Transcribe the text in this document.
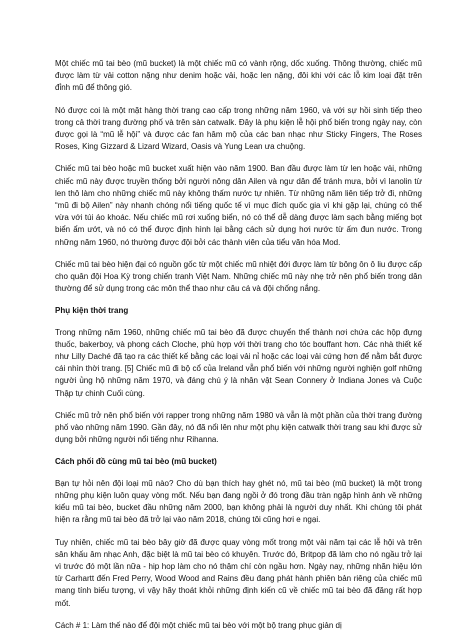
Một chiếc mũ tai bèo (mũ bucket) là một chiếc mũ có vành rộng, dốc xuống. Thông thường, chiếc mũ được làm từ vải cotton nặng như denim hoặc vải, hoặc len nặng, đôi khi với các lỗ kim loại đặt trên đỉnh mũ để thông gió.

Nó được coi là một mặt hàng thời trang cao cấp trong những năm 1960, và với sự hồi sinh tiếp theo trong cả thời trang đường phố và trên sàn catwalk. Đây là phụ kiện lễ hội phổ biến trong ngày nay, còn được gọi là “mũ lễ hội” và được các fan hâm mộ của các ban nhạc như Sticky Fingers, The Roses Roses, King Gizzard & Lizard Wizard, Oasis và Yung Lean ưa chuộng.

Chiếc mũ tai bèo hoặc mũ bucket xuất hiện vào năm 1900. Ban đầu được làm từ len hoặc vải, những chiếc mũ này được truyền thống bởi người nông dân Ailen và ngư dân để tránh mưa, bởi vì lanolin từ len thô làm cho những chiếc mũ này không thấm nước tự nhiên. Từ những năm liên tiếp trở đi, những “mũ đi bộ Ailen” này nhanh chóng nổi tiếng quốc tế vì mục đích quốc gia vì khi gặp lại, chúng có thể vừa với túi áo khoác. Nếu chiếc mũ rơi xuống biển, nó có thể dễ dàng được làm sạch bằng miếng bọt biển ẩm ướt, và nó có thể được định hình lại bằng cách sử dụng hơi nước từ ấm đun nước. Trong những năm 1960, nó thường được đội bởi các thành viên của tiểu văn hóa Mod.

Chiếc mũ tai bèo hiện đại có nguồn gốc từ một chiếc mũ nhiệt đới được làm từ bông ôn ô liu được cấp cho quân đội Hoa Kỳ trong chiến tranh Việt Nam. Những chiếc mũ này nhẹ trở nên phổ biến trong dân thường để sử dụng trong các môn thể thao như câu cá và đội chống nắng.

Phụ kiện thời trang

Trong những năm 1960, những chiếc mũ tai bèo đã được chuyển thể thành nơi chứa các hộp đựng thuốc, bakerboy, và phong cách Cloche, phù hợp với thời trang cho tóc bouffant hơn. Các nhà thiết kế như Lilly Daché đã tạo ra các thiết kế bằng các loại vải nỉ hoặc các loại vải cứng hơn để nằm bắt được cái nhìn thời trang. [5] Chiếc mũ đi bộ cổ của Ireland vẫn phổ biến với những người nghiện golf những người ủng hộ những năm 1970, và đáng chú ý là nhân vật Sean Connery ở Indiana Jones và Cuộc Thập tự chinh Cuối cùng.

Chiếc mũ trở nên phổ biến với rapper trong những năm 1980 và vẫn là một phần của thời trang đường phố vào những năm 1990. Gần đây, nó đã nổi lên như một phụ kiện catwalk thời trang sau khi được sử dụng bởi những người nổi tiếng như Rihanna.

Cách phối đồ cùng mũ tai bèo (mũ bucket)

Bạn tự hỏi nên đội loại mũ nào? Cho dù bạn thích hay ghét nó, mũ tai bèo (mũ bucket) là một trong những phụ kiện luôn quay vòng mốt. Nếu bạn đang ngồi ở đó trong đầu tràn ngập hình ảnh về những kiểu mũ tai bèo, bucket đầu những năm 2000, bạn không phải là người duy nhất. Khi chúng tôi phát hiện ra rằng mũ tai bèo đã trở lại vào năm 2018, chúng tôi cũng hơi e ngại.

Tuy nhiên, chiếc mũ tai bèo bây giờ đã được quay vòng mốt trong một vài năm tại các lễ hội và trên sân khấu âm nhạc Anh, đặc biệt là mũ tai bèo có khuyên. Trước đó, Britpop đã làm cho nó ngầu trở lại vì trước đó một lần nữa - hip hop làm cho nó thậm chí còn ngầu hơn. Ngày nay, những nhãn hiệu lớn từ Carhartt đến Fred Perry, Wood Wood and Rains đều đang phát hành phiên bản riêng của chiếc mũ mang tính biểu tượng, vì vậy hãy thoát khỏi những định kiến cũ về chiếc mũ tai bèo đã đăng rất hợp mốt.

Cách # 1: Làm thế nào để đội một chiếc mũ tai bèo với một bộ trang phục giản dị
